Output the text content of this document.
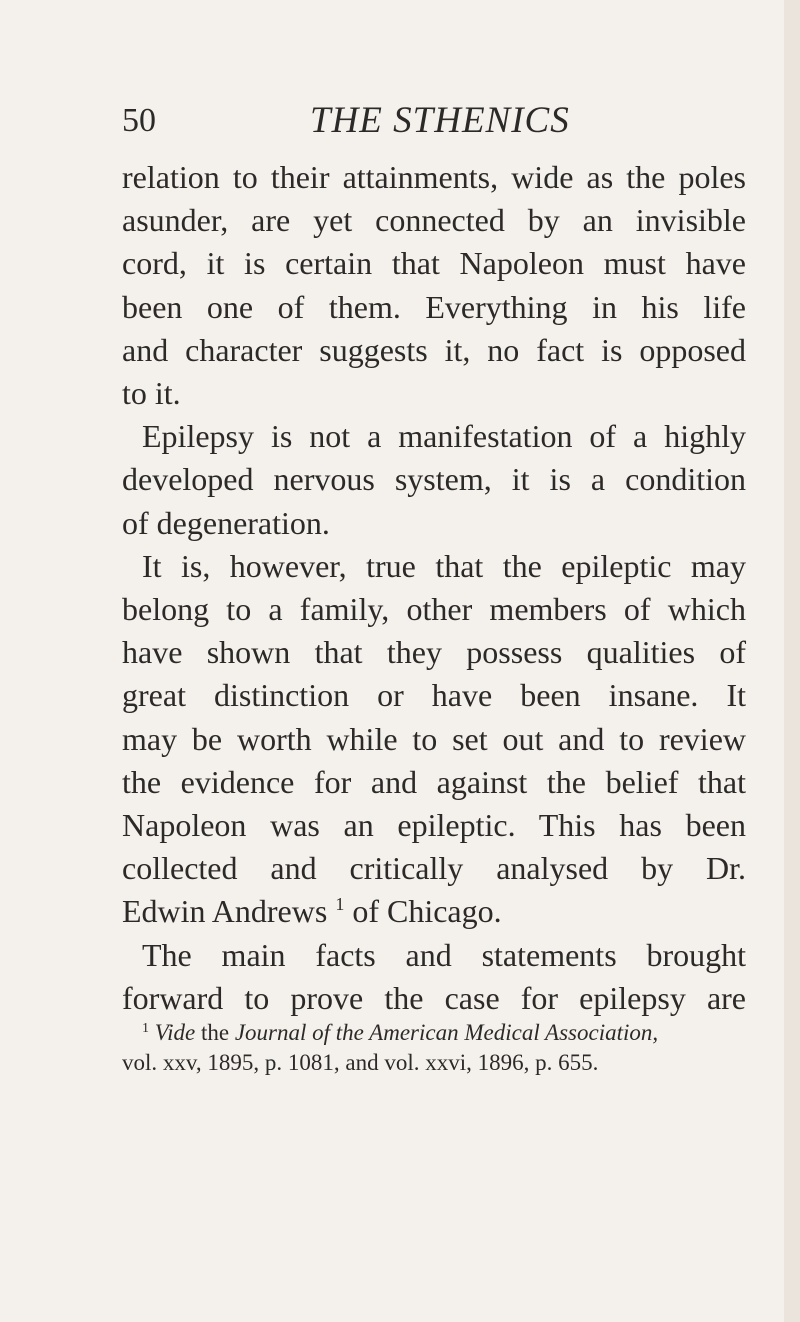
50	THE STHENICS
relation to their attainments, wide as the poles
asunder, are yet connected by an invisible
cord, it is certain that Napoleon must have
been one of them. Everything in his life
and character suggests it, no fact is opposed
to it.
Epilepsy is not a manifestation of a highly
developed nervous system, it is a condition
of degeneration.
It is, however, true that the epileptic may
belong to a family, other members of which
have shown that they possess qualities of
great distinction or have been insane. It
may be worth while to set out and to review
the evidence for and against the belief that
Napoleon was an epileptic. This has been
collected and critically analysed by Dr.
Edwin Andrews $^1$ of Chicago.
The main facts and statements brought
forward to prove the case for epilepsy are
$^1$ Vide the Journal of the American Medical Association,
vol. xxv, 1895, p. 1081, and vol. xxvi, 1896, p. 655.
